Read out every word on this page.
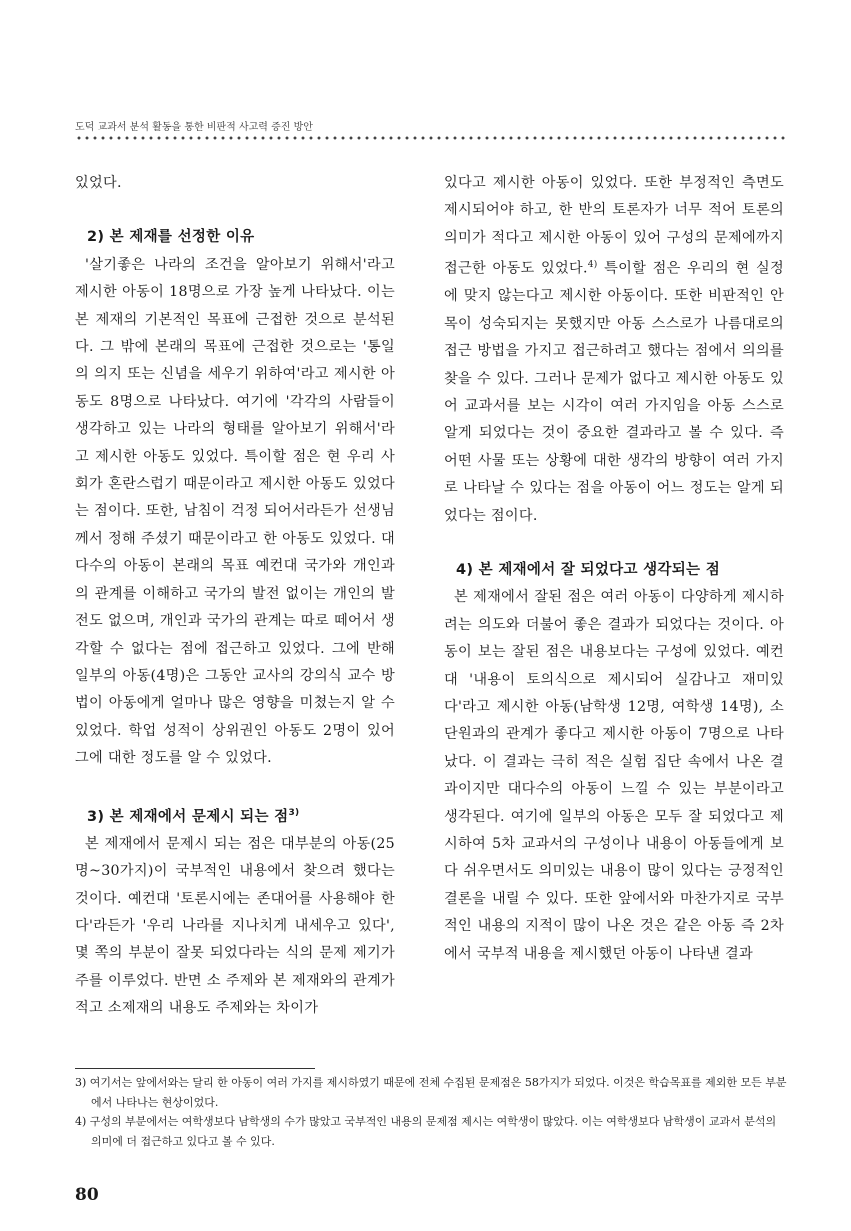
도덕 교과서 분석 활동을 통한 비판적 사고력 증진 방안

있었다.

2) 본 제재를 선정한 이유

'살기좋은 나라의 조건을 알아보기 위해서'라고 제시한 아동이 18명으로 가장 높게 나타났다. 이는 본 제재의 기본적인 목표에 근접한 것으로 분석된다. 그 밖에 본래의 목표에 근접한 것으로는 '통일의 의지 또는 신념을 세우기 위하여'라고 제시한 아동도 8명으로 나타났다. 여기에 '각각의 사람들이 생각하고 있는 나라의 형태를 알아보기 위해서'라고 제시한 아동도 있었다. 특이할 점은 현 우리 사회가 혼란스럽기 때문이라고 제시한 아동도 있었다는 점이다. 또한, 남침이 걱정 되어서라든가 선생님께서 정해 주셨기 때문이라고 한 아동도 있었다. 대다수의 아동이 본래의 목표 예컨대 국가와 개인과의 관계를 이해하고 국가의 발전 없이는 개인의 발전도 없으며, 개인과 국가의 관계는 따로 떼어서 생각할 수 없다는 점에 접근하고 있었다. 그에 반해 일부의 아동(4명)은 그동안 교사의 강의식 교수 방법이 아동에게 얼마나 많은 영향을 미쳤는지 알 수 있었다. 학업 성적이 상위권인 아동도 2명이 있어 그에 대한 정도를 알 수 있었다.

3) 본 제재에서 문제시 되는 점$^{3)}$

본 제재에서 문제시 되는 점은 대부분의 아동(25명~30가지)이 국부적인 내용에서 찾으려 했다는 것이다. 예컨대 '토론시에는 존대어를 사용해야 한다'라든가 '우리 나라를 지나치게 내세우고 있다', 몇 쪽의 부분이 잘못 되었다라는 식의 문제 제기가 주를 이루었다. 반면 소 주제와 본 제재와의 관계가 적고 소제재의 내용도 주제와는 차이가

있다고 제시한 아동이 있었다. 또한 부정적인 측면도 제시되어야 하고, 한 반의 토론자가 너무 적어 토론의 의미가 적다고 제시한 아동이 있어 구성의 문제에까지 접근한 아동도 있었다.$^{4)}$ 특이할 점은 우리의 현 실정에 맞지 않는다고 제시한 아동이다. 또한 비판적인 안목이 성숙되지는 못했지만 아동 스스로가 나름대로의 접근 방법을 가지고 접근하려고 했다는 점에서 의의를 찾을 수 있다. 그러나 문제가 없다고 제시한 아동도 있어 교과서를 보는 시각이 여러 가지임을 아동 스스로 알게 되었다는 것이 중요한 결과라고 볼 수 있다. 즉 어떤 사물 또는 상황에 대한 생각의 방향이 여러 가지로 나타날 수 있다는 점을 아동이 어느 정도는 알게 되었다는 점이다.

4) 본 제재에서 잘 되었다고 생각되는 점

본 제재에서 잘된 점은 여러 아동이 다양하게 제시하려는 의도와 더불어 좋은 결과가 되었다는 것이다. 아동이 보는 잘된 점은 내용보다는 구성에 있었다. 예컨대 '내용이 토의식으로 제시되어 실감나고 재미있다'라고 제시한 아동(남학생 12명, 여학생 14명), 소단원과의 관계가 좋다고 제시한 아동이 7명으로 나타났다. 이 결과는 극히 적은 실험 집단 속에서 나온 결과이지만 대다수의 아동이 느낄 수 있는 부분이라고 생각된다. 여기에 일부의 아동은 모두 잘 되었다고 제시하여 5차 교과서의 구성이나 내용이 아동들에게 보다 쉬우면서도 의미있는 내용이 많이 있다는 긍정적인 결론을 내릴 수 있다. 또한 앞에서와 마찬가지로 국부적인 내용의 지적이 많이 나온 것은 같은 아동 즉 2차에서 국부적 내용을 제시했던 아동이 나타낸 결과

3) 여기서는 앞에서와는 달리 한 아동이 여러 가지를 제시하였기 때문에 전체 수집된 문제점은 58가지가 되었다. 이것은 학습목표를 제외한 모든 부분에서 나타나는 현상이었다.

4) 구성의 부분에서는 여학생보다 남학생의 수가 많았고 국부적인 내용의 문제점 제시는 여학생이 많았다. 이는 여학생보다 남학생이 교과서 분석의 의미에 더 접근하고 있다고 볼 수 있다.

80
